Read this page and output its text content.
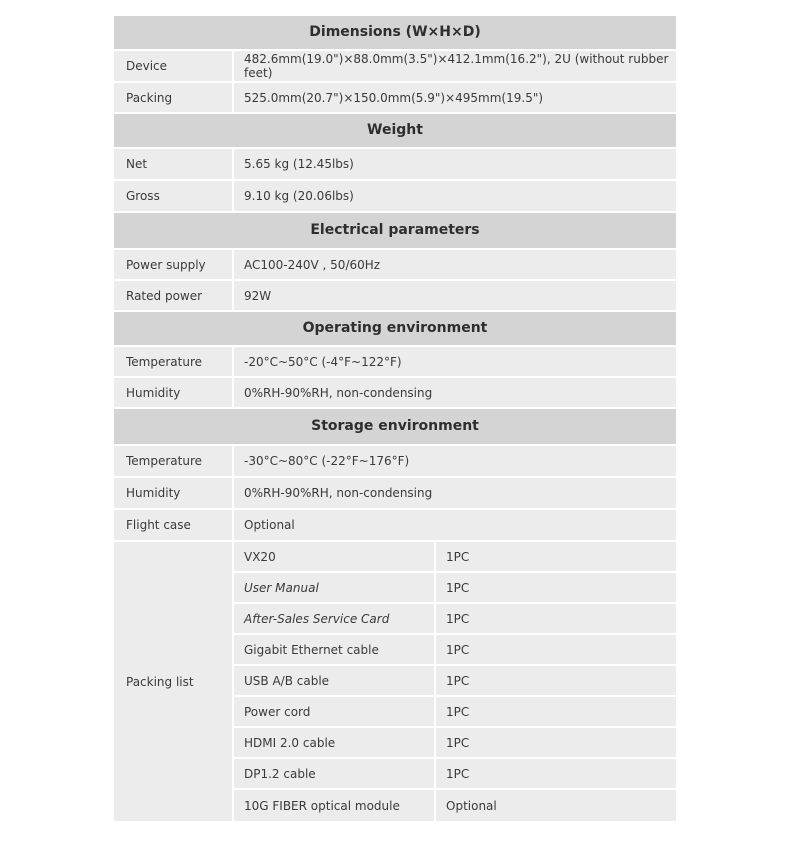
Dimensions (W×H×D)
Device	482.6mm(19.0")×88.0mm(3.5")×412.1mm(16.2"), 2U (without rubber feet)
Packing	525.0mm(20.7")×150.0mm(5.9")×495mm(19.5")
Weight
Net	5.65 kg (12.45lbs)
Gross	9.10 kg (20.06lbs)
Electrical parameters
Power supply	AC100-240V , 50/60Hz
Rated power	92W
Operating environment
Temperature	-20°C~50°C (-4°F~122°F)
Humidity	0%RH-90%RH, non-condensing
Storage environment
Temperature	-30°C~80°C (-22°F~176°F)
Humidity	0%RH-90%RH, non-condensing
Flight case	Optional
Packing list
VX20	1PC
User Manual	1PC
After-Sales Service Card	1PC
Gigabit Ethernet cable	1PC
USB A/B cable	1PC
Power cord	1PC
HDMI 2.0 cable	1PC
DP1.2 cable	1PC
10G FIBER optical module	Optional
